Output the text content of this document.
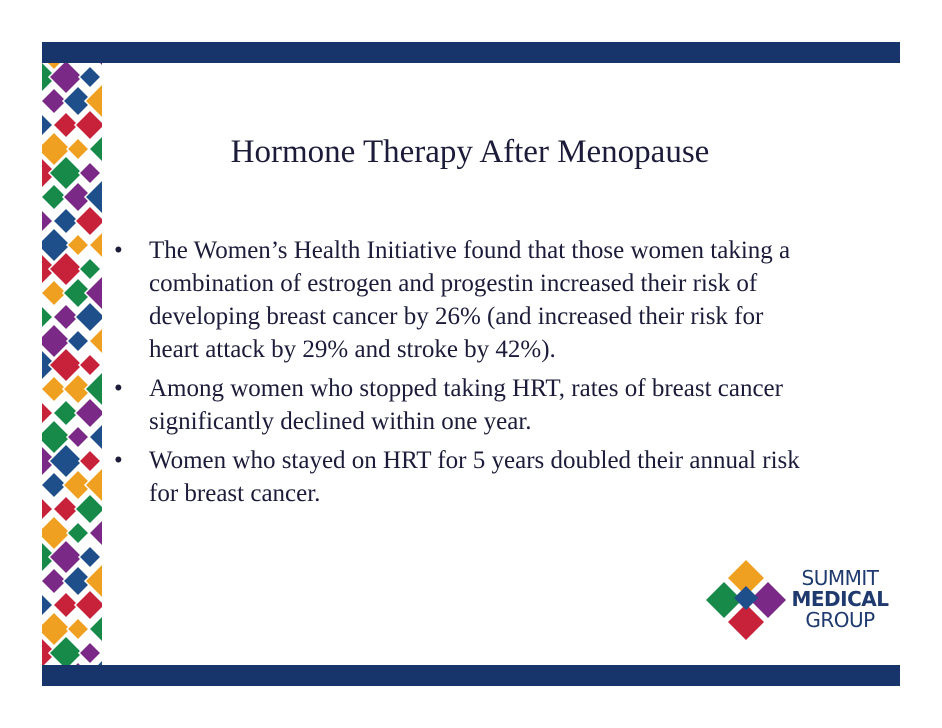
Hormone Therapy After Menopause
• The Women’s Health Initiative found that those women taking a combination of estrogen and progestin increased their risk of developing breast cancer by 26% (and increased their risk for heart attack by 29% and stroke by 42%).
• Among women who stopped taking HRT, rates of breast cancer significantly declined within one year.
• Women who stayed on HRT for 5 years doubled their annual risk for breast cancer.
SUMMIT
MEDICAL
GROUP
